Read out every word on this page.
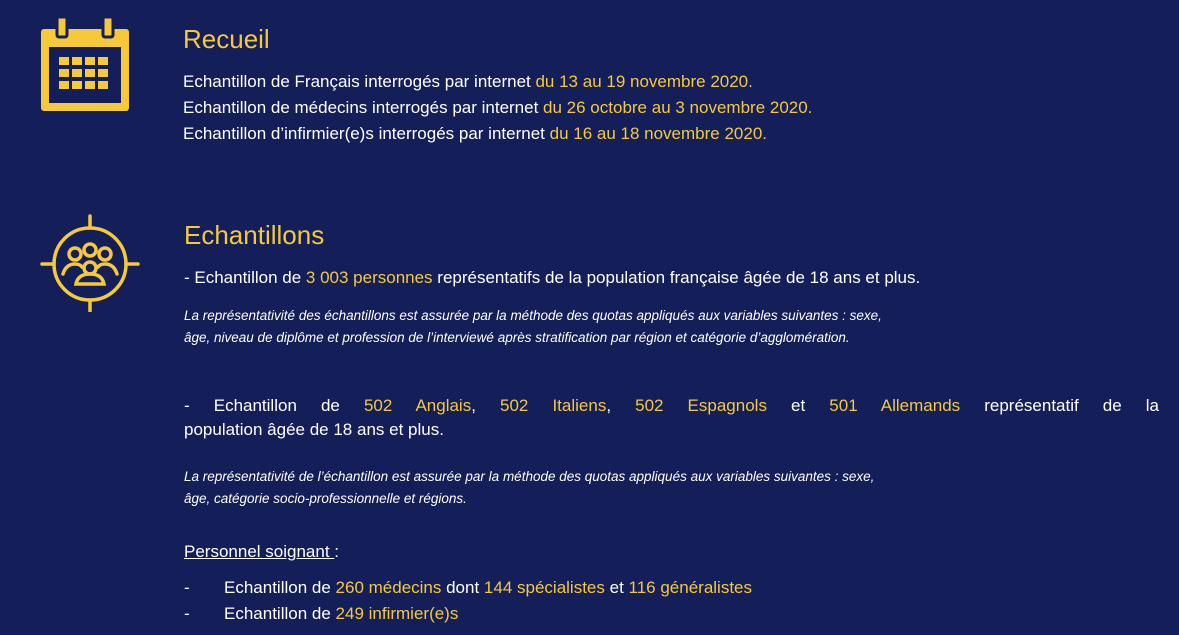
Recueil
Echantillon de Français interrogés par internet du 13 au 19 novembre 2020.
Echantillon de médecins interrogés par internet du 26 octobre au 3 novembre 2020.
Echantillon d’infirmier(e)s interrogés par internet du 16 au 18 novembre 2020.
Echantillons
- Echantillon de 3 003 personnes représentatifs de la population française âgée de 18 ans et plus.
La représentativité des échantillons est assurée par la méthode des quotas appliqués aux variables suivantes : sexe,
âge, niveau de diplôme et profession de l’interviewé après stratification par région et catégorie d’agglomération.
- Echantillon de 502 Anglais, 502 Italiens, 502 Espagnols et 501 Allemands représentatif de la
population âgée de 18 ans et plus.
La représentativité de l’échantillon est assurée par la méthode des quotas appliqués aux variables suivantes : sexe,
âge, catégorie socio-professionnelle et régions.
Personnel soignant :
- Echantillon de 260 médecins dont 144 spécialistes et 116 généralistes
- Echantillon de 249 infirmier(e)s
